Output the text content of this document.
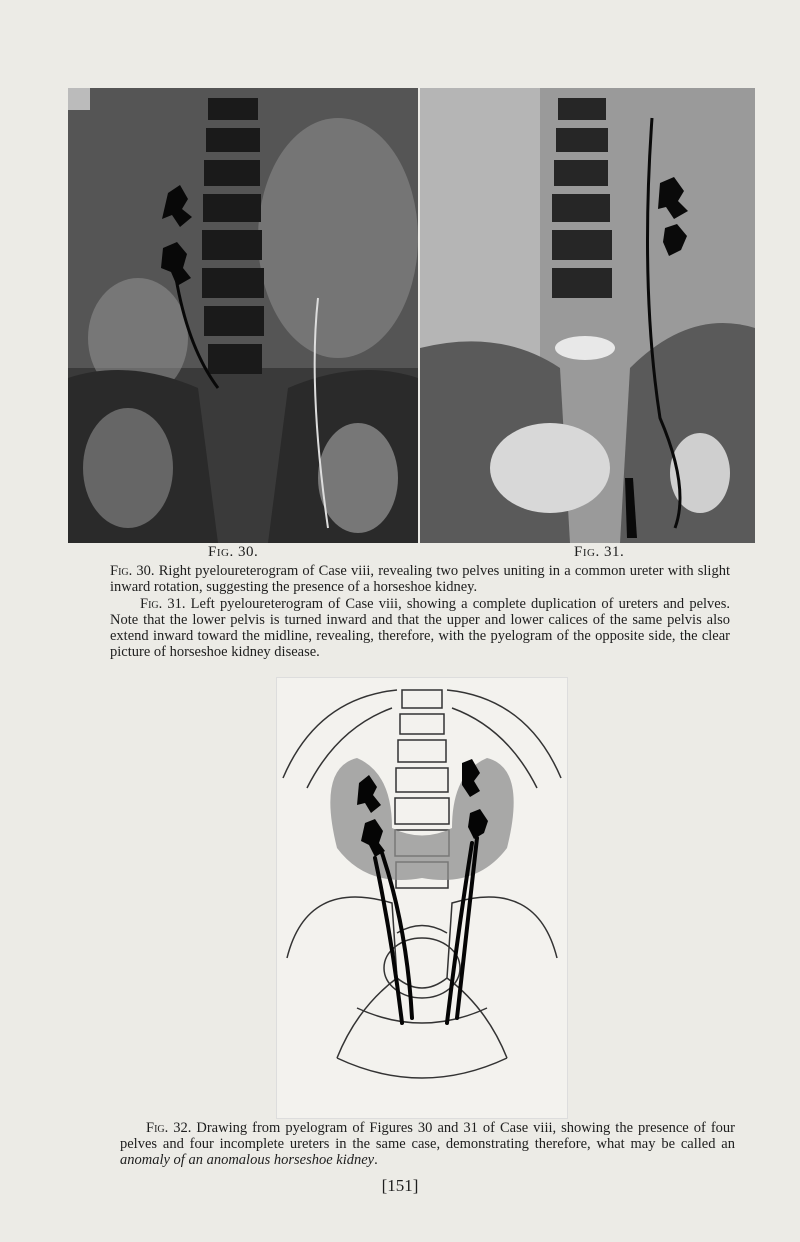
Fig. 30.	Fig. 31.
Fig. 30. Right pyeloureterogram of Case viii, revealing two pelves uniting in a common ureter with slight inward rotation, suggesting the presence of a horseshoe kidney.
Fig. 31. Left pyeloureterogram of Case viii, showing a complete duplication of ureters and pelves. Note that the lower pelvis is turned inward and that the upper and lower calices of the same pelvis also extend inward toward the midline, revealing, therefore, with the pyelogram of the opposite side, the clear picture of horseshoe kidney disease.
Fig. 32. Drawing from pyelogram of Figures 30 and 31 of Case viii, showing the presence of four pelves and four incomplete ureters in the same case, demonstrating therefore, what may be called an anomaly of an anomalous horseshoe kidney.
[151]
